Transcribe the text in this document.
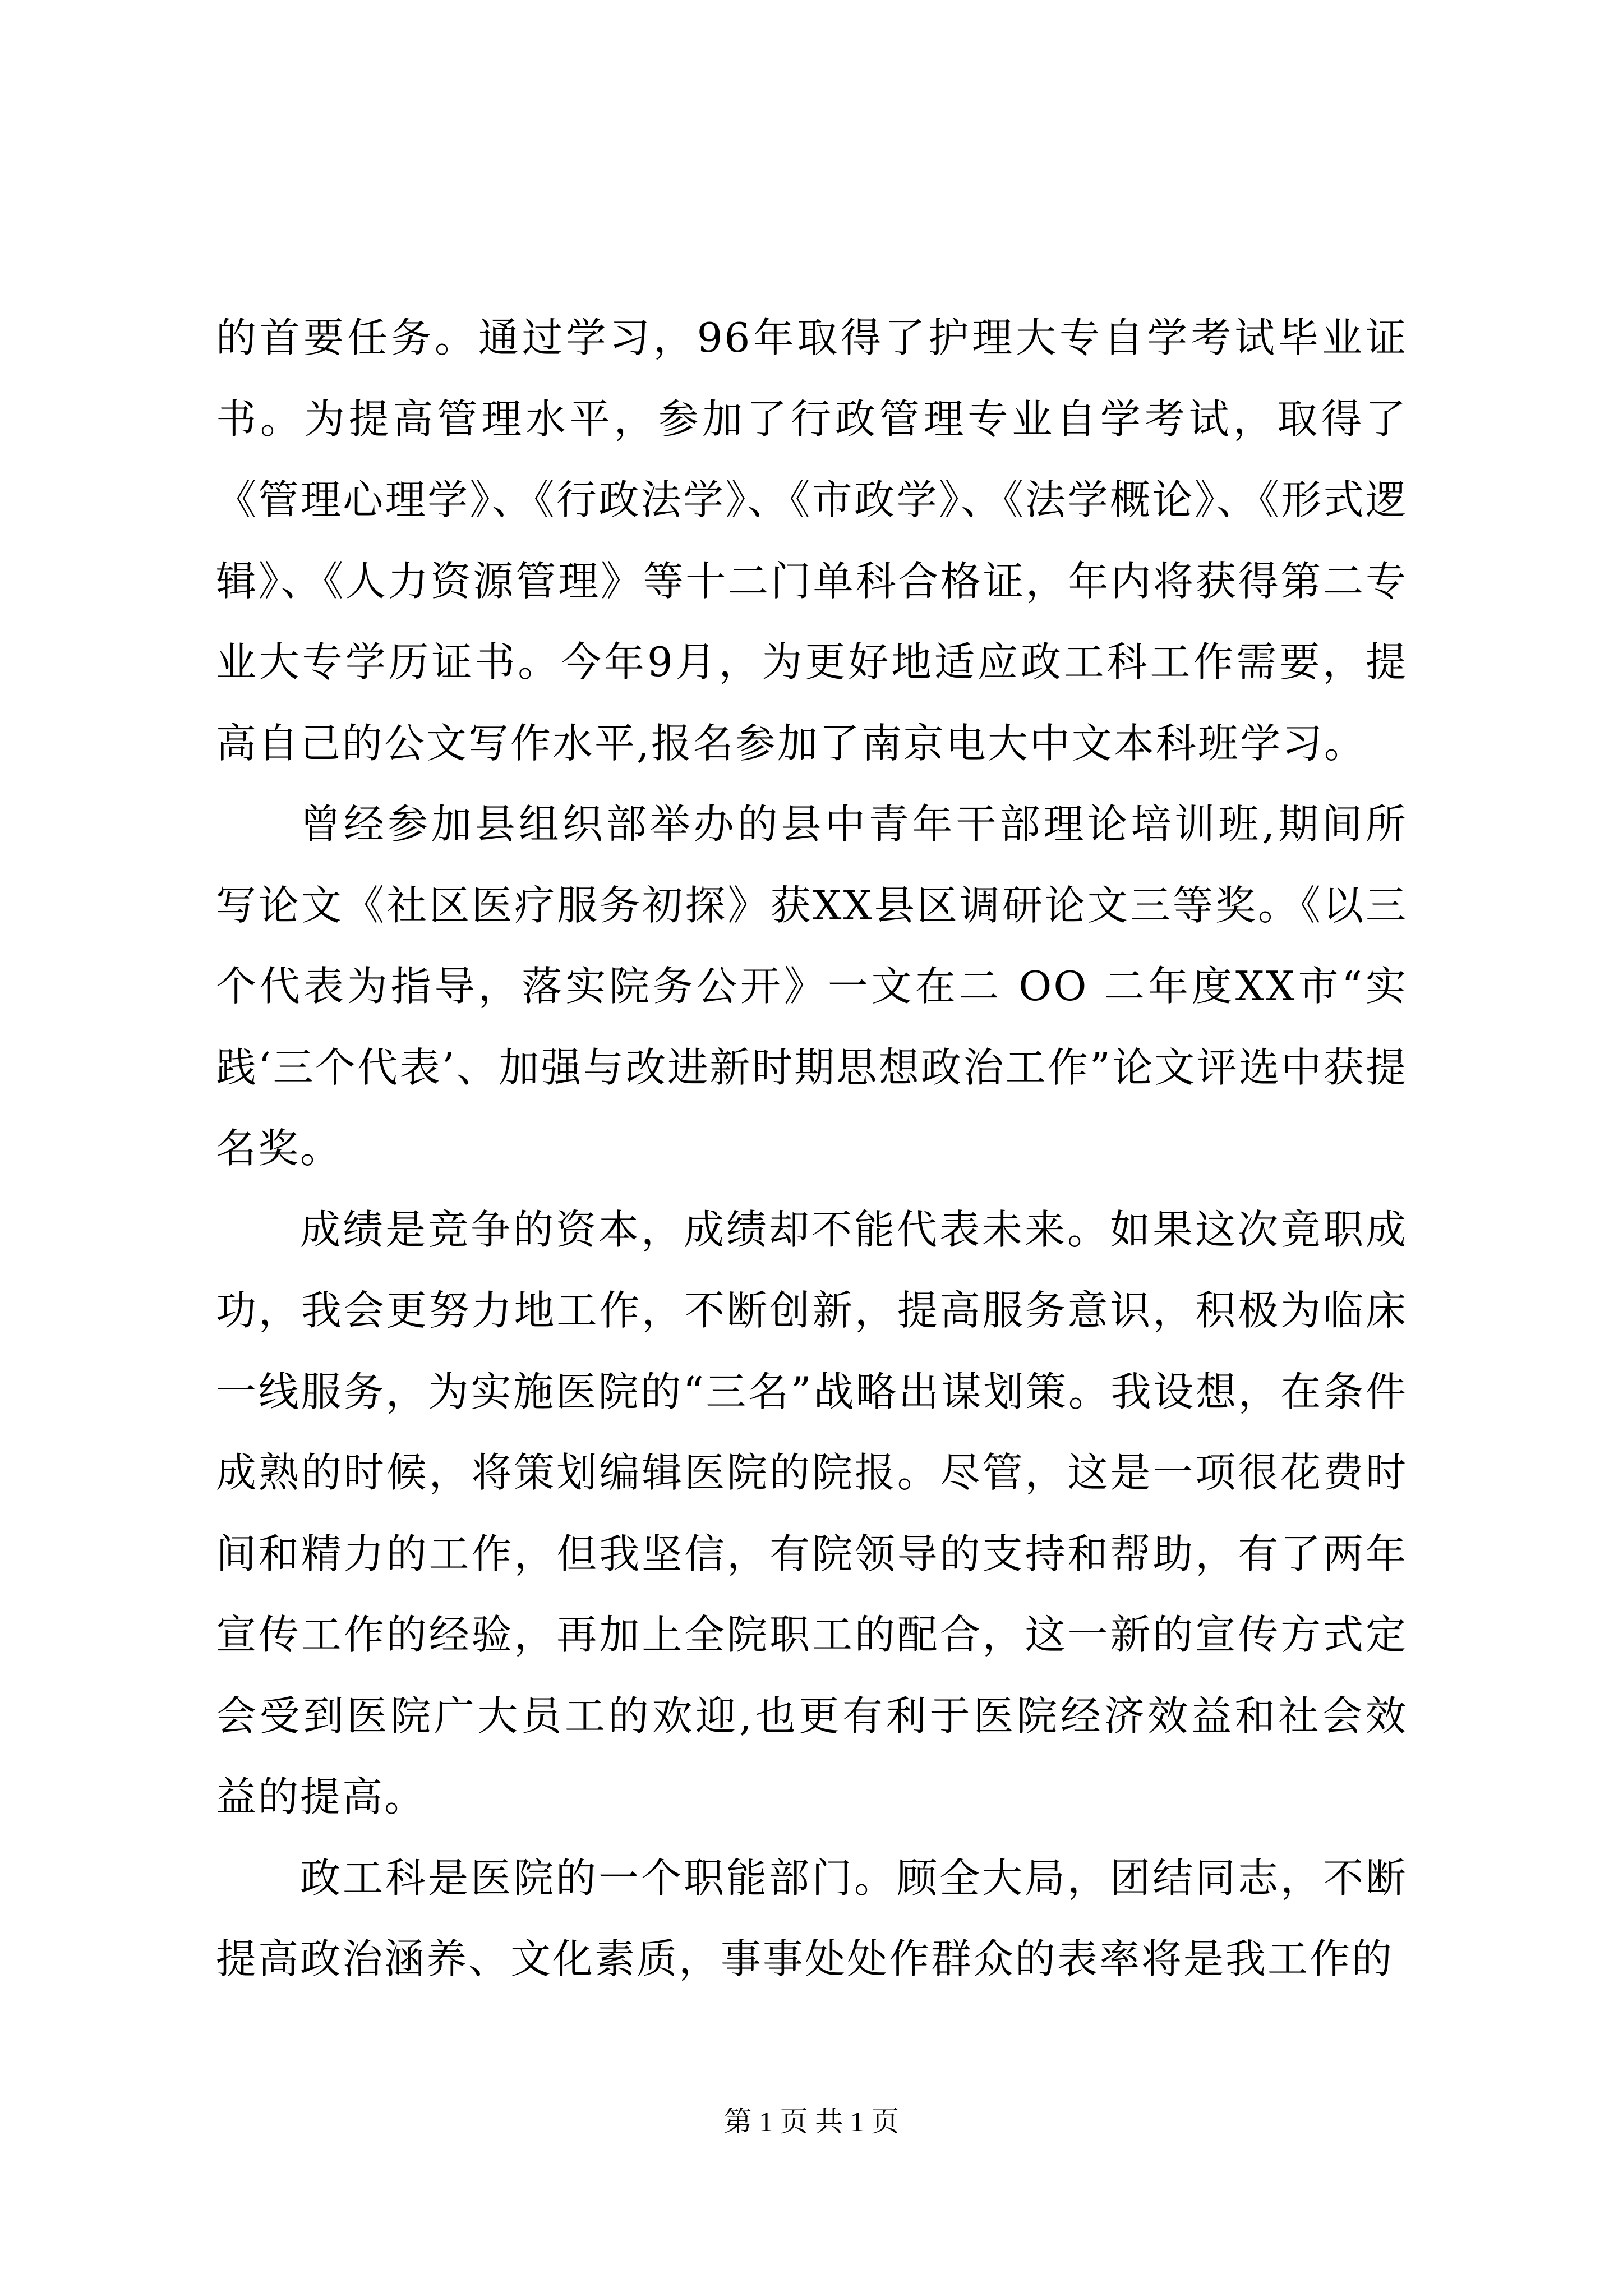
的首要任务。通过学习，96年取得了护理大专自学考试毕业证书。为提高管理水平，参加了行政管理专业自学考试，取得了《管理心理学》、《行政法学》、《市政学》、《法学概论》、《形式逻辑》、《人力资源管理》等十二门单科合格证，年内将获得第二专业大专学历证书。今年9月，为更好地适应政工科工作需要，提高自己的公文写作水平,报名参加了南京电大中文本科班学习。

曾经参加县组织部举办的县中青年干部理论培训班,期间所写论文《社区医疗服务初探》获XX县区调研论文三等奖。《以三个代表为指导，落实院务公开》一文在二 OO 二年度XX市“实践‘三个代表’、加强与改进新时期思想政治工作”论文评选中获提名奖。

成绩是竞争的资本，成绩却不能代表未来。如果这次竟职成功，我会更努力地工作，不断创新，提高服务意识，积极为临床一线服务，为实施医院的“三名”战略出谋划策。我设想，在条件成熟的时候，将策划编辑医院的院报。尽管，这是一项很花费时间和精力的工作，但我坚信，有院领导的支持和帮助，有了两年宣传工作的经验，再加上全院职工的配合，这一新的宣传方式定会受到医院广大员工的欢迎,也更有利于医院经济效益和社会效益的提高。

政工科是医院的一个职能部门。顾全大局，团结同志，不断提高政治涵养、文化素质，事事处处作群众的表率将是我工作的

第 1 页 共 1 页
